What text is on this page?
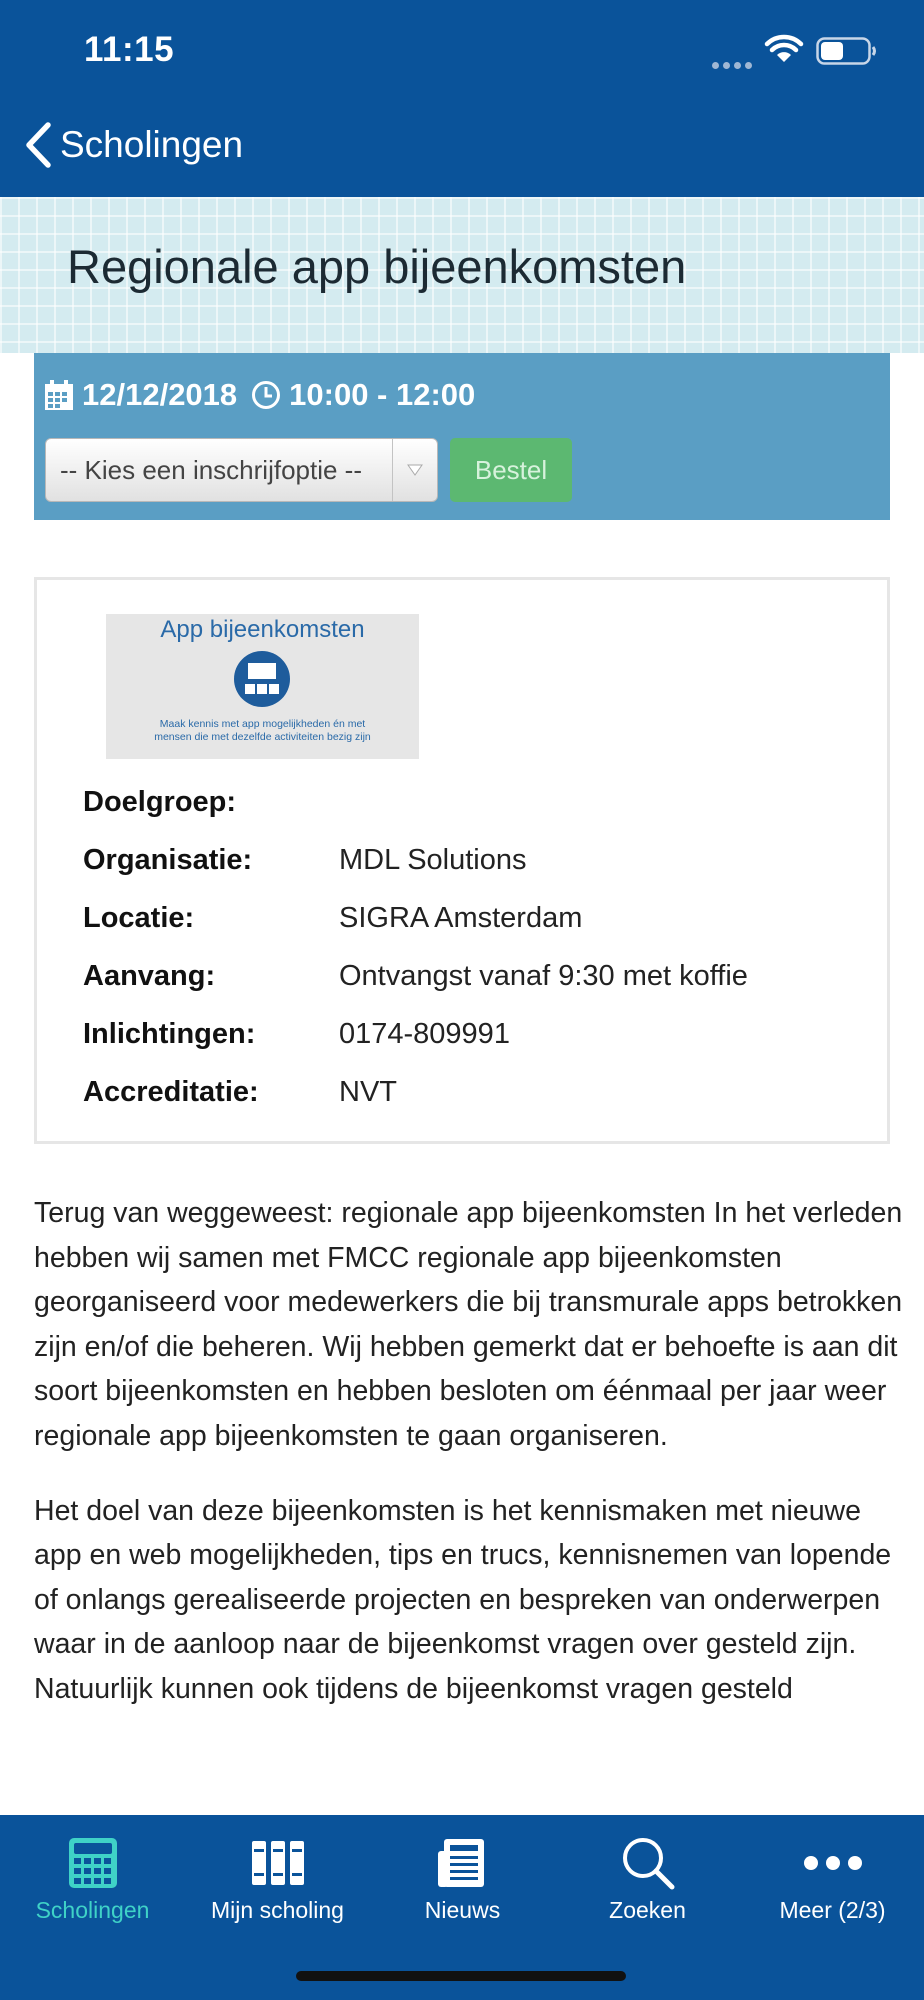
11:15
Scholingen
Regionale app bijeenkomsten
12/12/2018 10:00 - 12:00
-- Kies een inschrijfoptie --	Bestel
App bijeenkomsten
Maak kennis met app mogelijkheden én met
mensen die met dezelfde activiteiten bezig zijn
Doelgroep:
Organisatie:	MDL Solutions
Locatie:	SIGRA Amsterdam
Aanvang:	Ontvangst vanaf 9:30 met koffie
Inlichtingen:	0174-809991
Accreditatie:	NVT

Terug van weggeweest: regionale app bijeenkomsten In het verleden hebben wij samen met FMCC regionale app bijeenkomsten georganiseerd voor medewerkers die bij transmurale apps betrokken zijn en/of die beheren. Wij hebben gemerkt dat er behoefte is aan dit soort bijeenkomsten en hebben besloten om éénmaal per jaar weer regionale app bijeenkomsten te gaan organiseren.

Het doel van deze bijeenkomsten is het kennismaken met nieuwe app en web mogelijkheden, tips en trucs, kennisnemen van lopende of onlangs gerealiseerde projecten en bespreken van onderwerpen waar in de aanloop naar de bijeenkomst vragen over gesteld zijn. Natuurlijk kunnen ook tijdens de bijeenkomst vragen gesteld

Scholingen	Mijn scholing	Nieuws	Zoeken	Meer (2/3)
